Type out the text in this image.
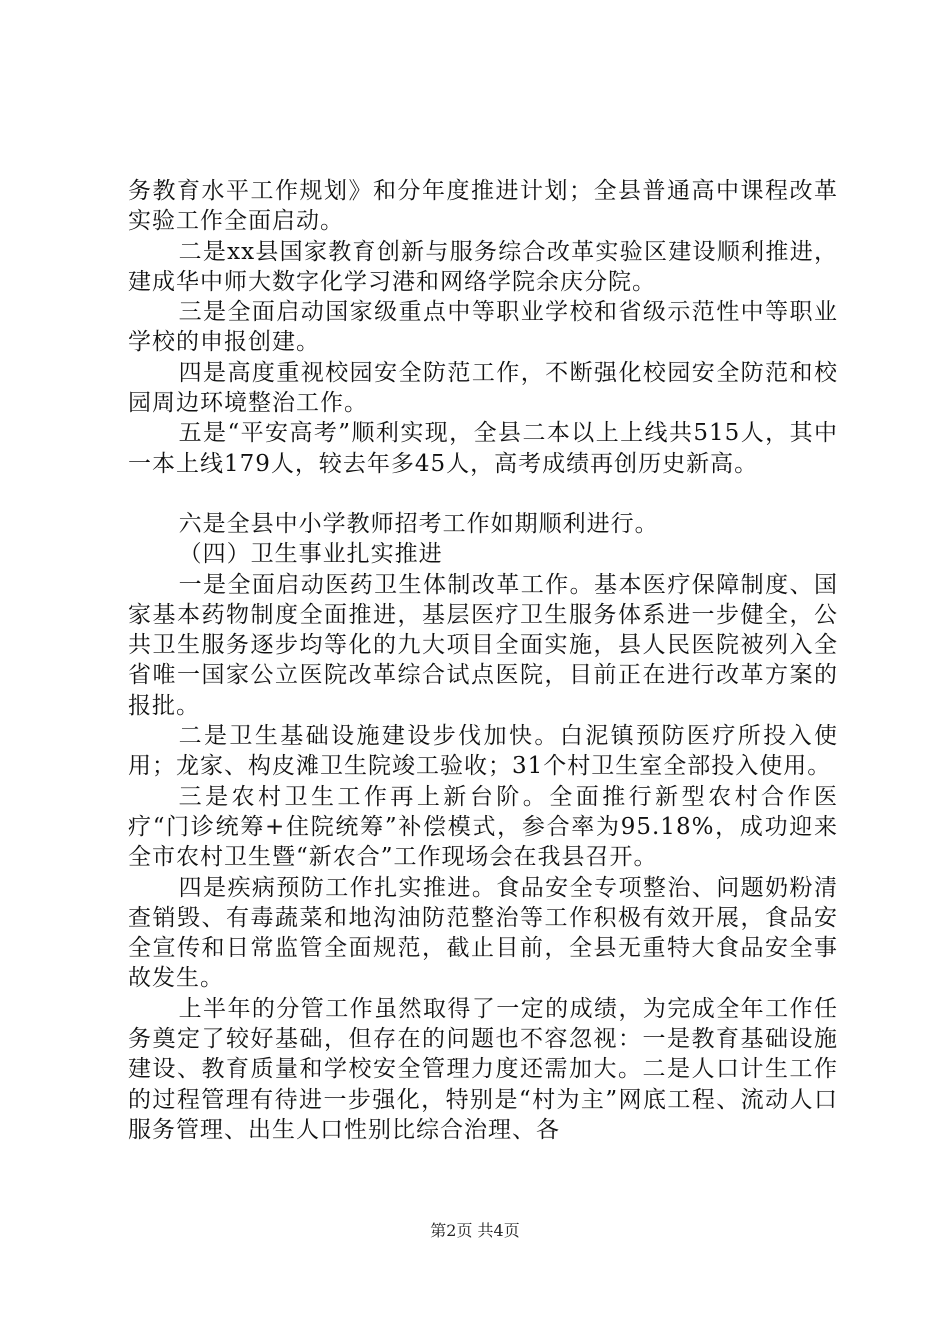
务教育水平工作规划》和分年度推进计划；全县普通高中课程改革实验工作全面启动。

二是xx县国家教育创新与服务综合改革实验区建设顺利推进，建成华中师大数字化学习港和网络学院余庆分院。

三是全面启动国家级重点中等职业学校和省级示范性中等职业学校的申报创建。

四是高度重视校园安全防范工作，不断强化校园安全防范和校园周边环境整治工作。

五是“平安高考”顺利实现，全县二本以上上线共515人，其中一本上线179人，较去年多45人，高考成绩再创历史新高。

六是全县中小学教师招考工作如期顺利进行。

（四）卫生事业扎实推进

一是全面启动医药卫生体制改革工作。基本医疗保障制度、国家基本药物制度全面推进，基层医疗卫生服务体系进一步健全，公共卫生服务逐步均等化的九大项目全面实施，县人民医院被列入全省唯一国家公立医院改革综合试点医院，目前正在进行改革方案的报批。

二是卫生基础设施建设步伐加快。白泥镇预防医疗所投入使用；龙家、构皮滩卫生院竣工验收；31个村卫生室全部投入使用。

三是农村卫生工作再上新台阶。全面推行新型农村合作医疗“门诊统筹+住院统筹”补偿模式，参合率为95.18%，成功迎来全市农村卫生暨“新农合”工作现场会在我县召开。

四是疾病预防工作扎实推进。食品安全专项整治、问题奶粉清查销毁、有毒蔬菜和地沟油防范整治等工作积极有效开展，食品安全宣传和日常监管全面规范，截止目前，全县无重特大食品安全事故发生。

上半年的分管工作虽然取得了一定的成绩，为完成全年工作任务奠定了较好基础，但存在的问题也不容忽视：一是教育基础设施建设、教育质量和学校安全管理力度还需加大。二是人口计生工作的过程管理有待进一步强化，特别是“村为主”网底工程、流动人口服务管理、出生人口性别比综合治理、各

第2页 共4页
